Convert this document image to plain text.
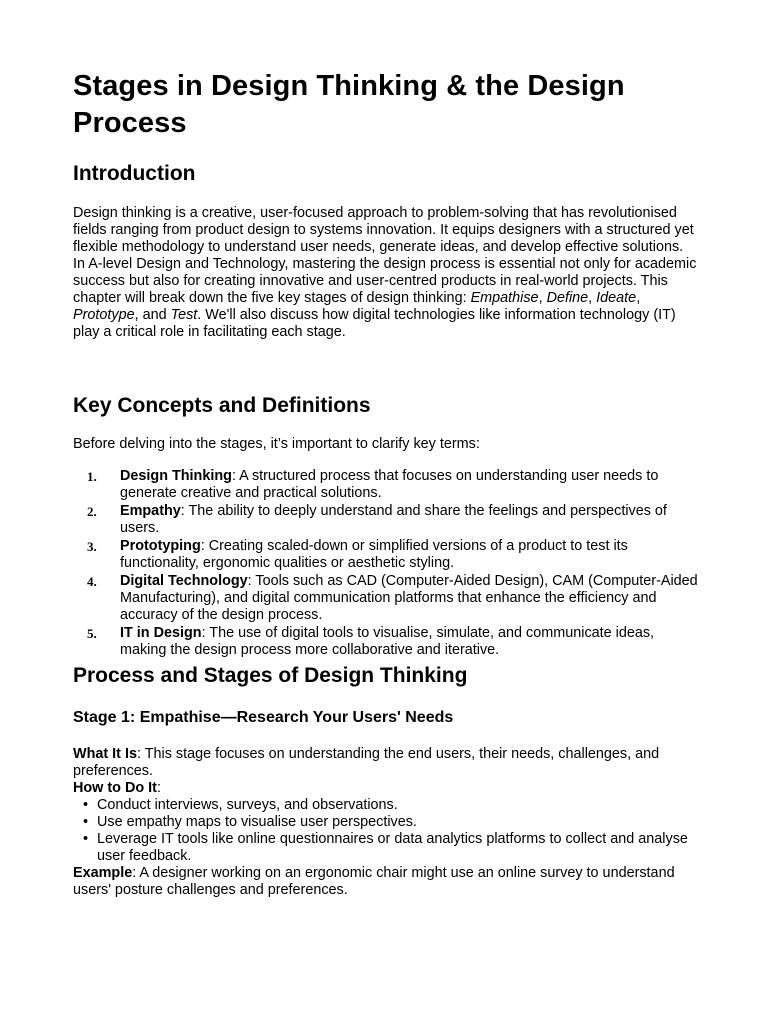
Stages in Design Thinking & the Design Process
Introduction

Design thinking is a creative, user-focused approach to problem-solving that has revolutionised fields ranging from product design to systems innovation. It equips designers with a structured yet flexible methodology to understand user needs, generate ideas, and develop effective solutions. In A-level Design and Technology, mastering the design process is essential not only for academic success but also for creating innovative and user-centred products in real-world projects. This chapter will break down the five key stages of design thinking: Empathise, Define, Ideate, Prototype, and Test. We'll also discuss how digital technologies like information technology (IT) play a critical role in facilitating each stage.

Key Concepts and Definitions

Before delving into the stages, it’s important to clarify key terms:

1. Design Thinking: A structured process that focuses on understanding user needs to generate creative and practical solutions.
2. Empathy: The ability to deeply understand and share the feelings and perspectives of users.
3. Prototyping: Creating scaled-down or simplified versions of a product to test its functionality, ergonomic qualities or aesthetic styling.
4. Digital Technology: Tools such as CAD (Computer-Aided Design), CAM (Computer-Aided Manufacturing), and digital communication platforms that enhance the efficiency and accuracy of the design process.
5. IT in Design: The use of digital tools to visualise, simulate, and communicate ideas, making the design process more collaborative and iterative.
Process and Stages of Design Thinking
Stage 1: Empathise—Research Your Users' Needs

What It Is: This stage focuses on understanding the end users, their needs, challenges, and preferences.

How to Do It:

• Conduct interviews, surveys, and observations.
• Use empathy maps to visualise user perspectives.
• Leverage IT tools like online questionnaires or data analytics platforms to collect and analyse user feedback.

Example: A designer working on an ergonomic chair might use an online survey to understand users' posture challenges and preferences.
